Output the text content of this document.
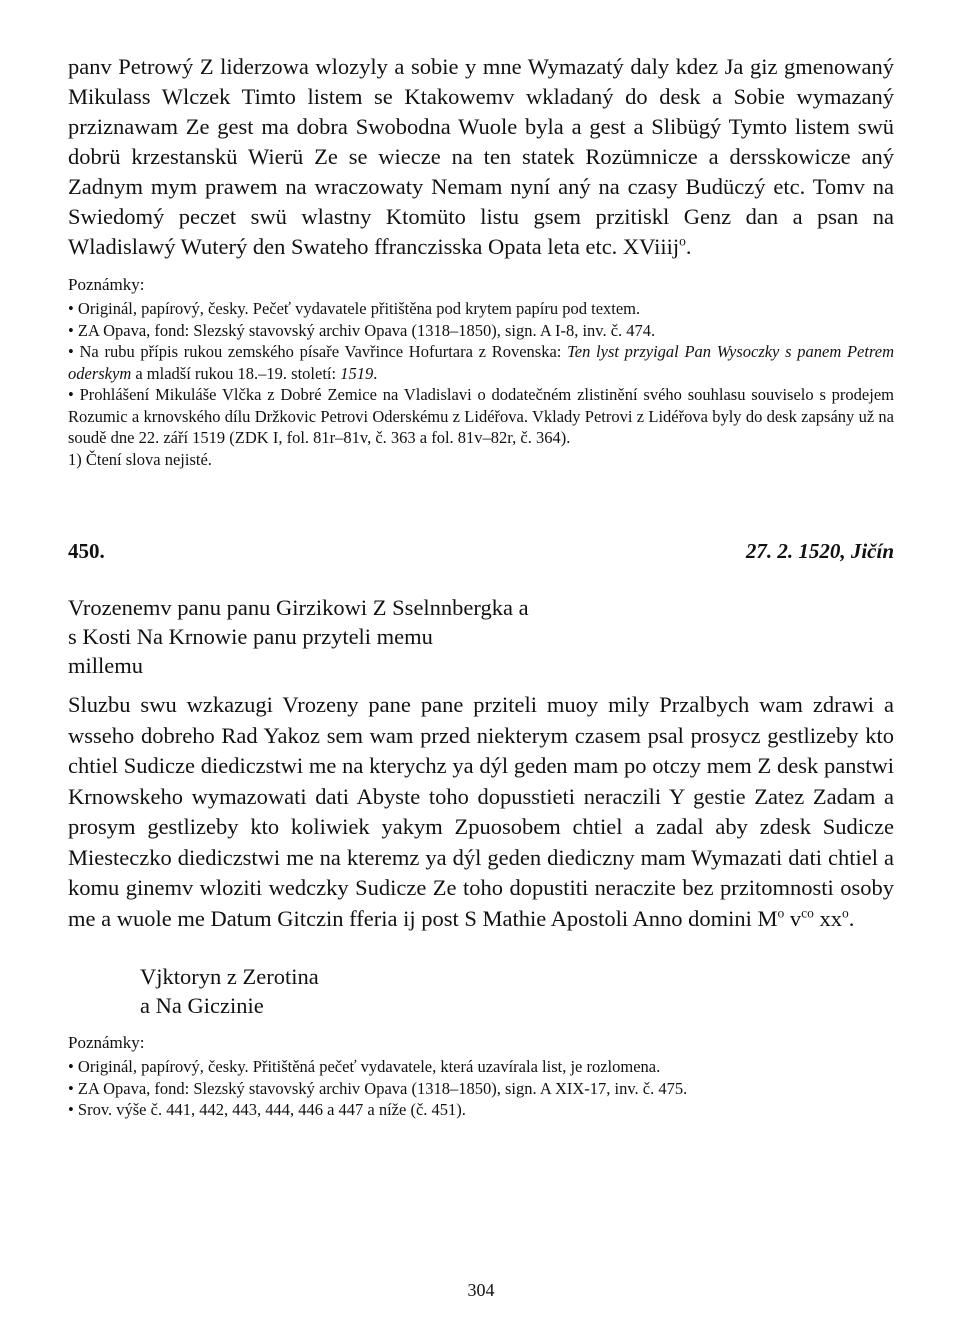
panv Petrowý Z liderzowa wlozyly a sobie y mne Wymazatý daly kdez Ja giz gmenowaný Mikulass Wlczek Timto listem se Ktakowemv wkladaný do desk a Sobie wymazaný prziznawam Ze gest ma dobra Swobodna Wuole byla a gest a Slibügý Tymto listem swü dobrü krzestanskü Wierü Ze se wiecze na ten statek Rozümnicze a dersskowicze aný Zadnym mym prawem na wraczowaty Nemam nyní aný na czasy Budüczý etc. Tomv na Swiedomý peczet swü wlastny Ktomüto listu gsem przitiskl Genz dan a psan na Wladislawý Wuterý den Swateho ffranczisska Opata leta etc. XViiij$^o$.

Poznámky:

• Originál, papírový, česky. Pečeť vydavatele přitištěna pod krytem papíru pod textem.

• ZA Opava, fond: Slezský stavovský archiv Opava (1318–1850), sign. A I-8, inv. č. 474.

• Na rubu přípis rukou zemského písaře Vavřince Hofurtara z Rovenska: Ten lyst przyigal Pan Wysoczky s panem Petrem oderskym a mladší rukou 18.–19. století: 1519.

• Prohlášení Mikuláše Vlčka z Dobré Zemice na Vladislavi o dodatečném zlistinění svého souhlasu souviselo s prodejem Rozumic a krnovského dílu Držkovic Petrovi Oderskému z Lidéřova. Vklady Petrovi z Lidéřova byly do desk zapsány už na soudě dne 22. září 1519 (ZDK I, fol. 81r–81v, č. 363 a fol. 81v–82r, č. 364).

1) Čtení slova nejisté.

450.	27. 2. 1520, Jičín
Vrozenemv panu panu Girzikowi Z Sselnnbergka a
s Kosti Na Krnowie panu przyteli memu
millemu

Sluzbu swu wzkazugi Vrozeny pane pane prziteli muoy mily Przalbych wam zdrawi a wsseho dobreho Rad Yakoz sem wam przed niekterym czasem psal prosycz gestlizeby kto chtiel Sudicze diediczstwi me na kterychz ya dýl geden mam po otczy mem Z desk panstwi Krnowskeho wymazowati dati Abyste toho dopusstieti neraczili Y gestie Zatez Zadam a prosym gestlizeby kto koliwiek yakym Zpuosobem chtiel a zadal aby zdesk Sudicze Miesteczko diediczstwi me na kteremz ya dýl geden diediczny mam Wymazati dati chtiel a komu ginemv wloziti wedczky Sudicze Ze toho dopustiti neraczite bez przitomnosti osoby me a wuole me Datum Gitczin fferia ij post S Mathie Apostoli Anno domini $M^o$ $v^{co}$ $xx^o$.

Vjktoryn z Zerotina
a Na Giczinie

Poznámky:

• Originál, papírový, česky. Přitištěná pečeť vydavatele, která uzavírala list, je rozlomena.

• ZA Opava, fond: Slezský stavovský archiv Opava (1318–1850), sign. A XIX-17, inv. č. 475.

• Srov. výše č. 441, 442, 443, 444, 446 a 447 a níže (č. 451).

304
